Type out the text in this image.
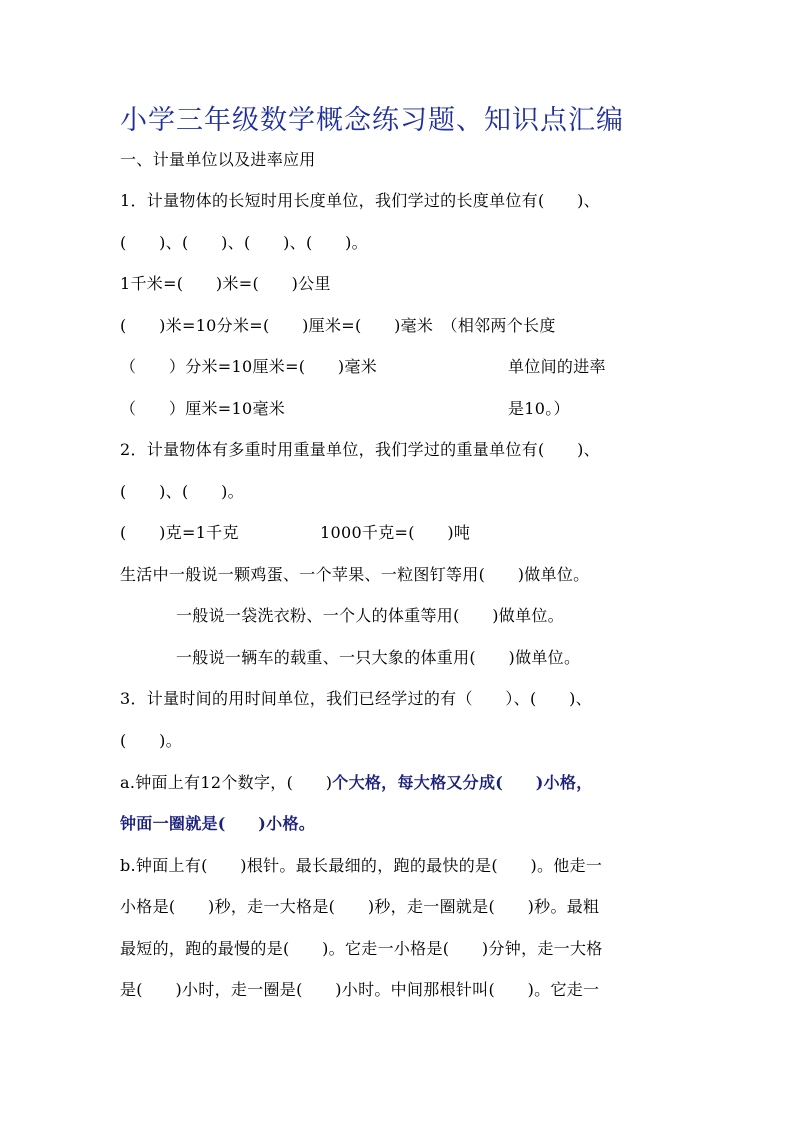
小学三年级数学概念练习题、知识点汇编
一、计量单位以及进率应用
1．计量物体的长短时用长度单位，我们学过的长度单位有(　　)、
(　　)、(　　)、(　　)、(　　)。
1千米=(　　)米=(　　)公里
(　　)米=10分米=(　　)厘米=(　　)毫米　（相邻两个长度
（　　）分米=10厘米=(　　)毫米	单位间的进率
（　　）厘米=10毫米	是10。）
2．计量物体有多重时用重量单位，我们学过的重量单位有(　　)、
(　　)、(　　)。
(　　)克=1千克	1000千克=(　　)吨
生活中一般说一颗鸡蛋、一个苹果、一粒图钉等用(　　)做单位。
一般说一袋洗衣粉、一个人的体重等用(　　)做单位。
一般说一辆车的载重、一只大象的体重用(　　)做单位。
3．计量时间的用时间单位，我们已经学过的有（　　）、(　　)、
(　　)。
a.钟面上有12个数字，(　　)个大格，每大格又分成(　　)小格，
钟面一圈就是(　　)小格。
b.钟面上有(　　)根针。最长最细的，跑的最快的是(　　)。他走一
小格是(　　)秒，走一大格是(　　)秒，走一圈就是(　　)秒。最粗
最短的，跑的最慢的是(　　)。它走一小格是(　　)分钟，走一大格
是(　　)小时，走一圈是(　　)小时。中间那根针叫(　　)。它走一
